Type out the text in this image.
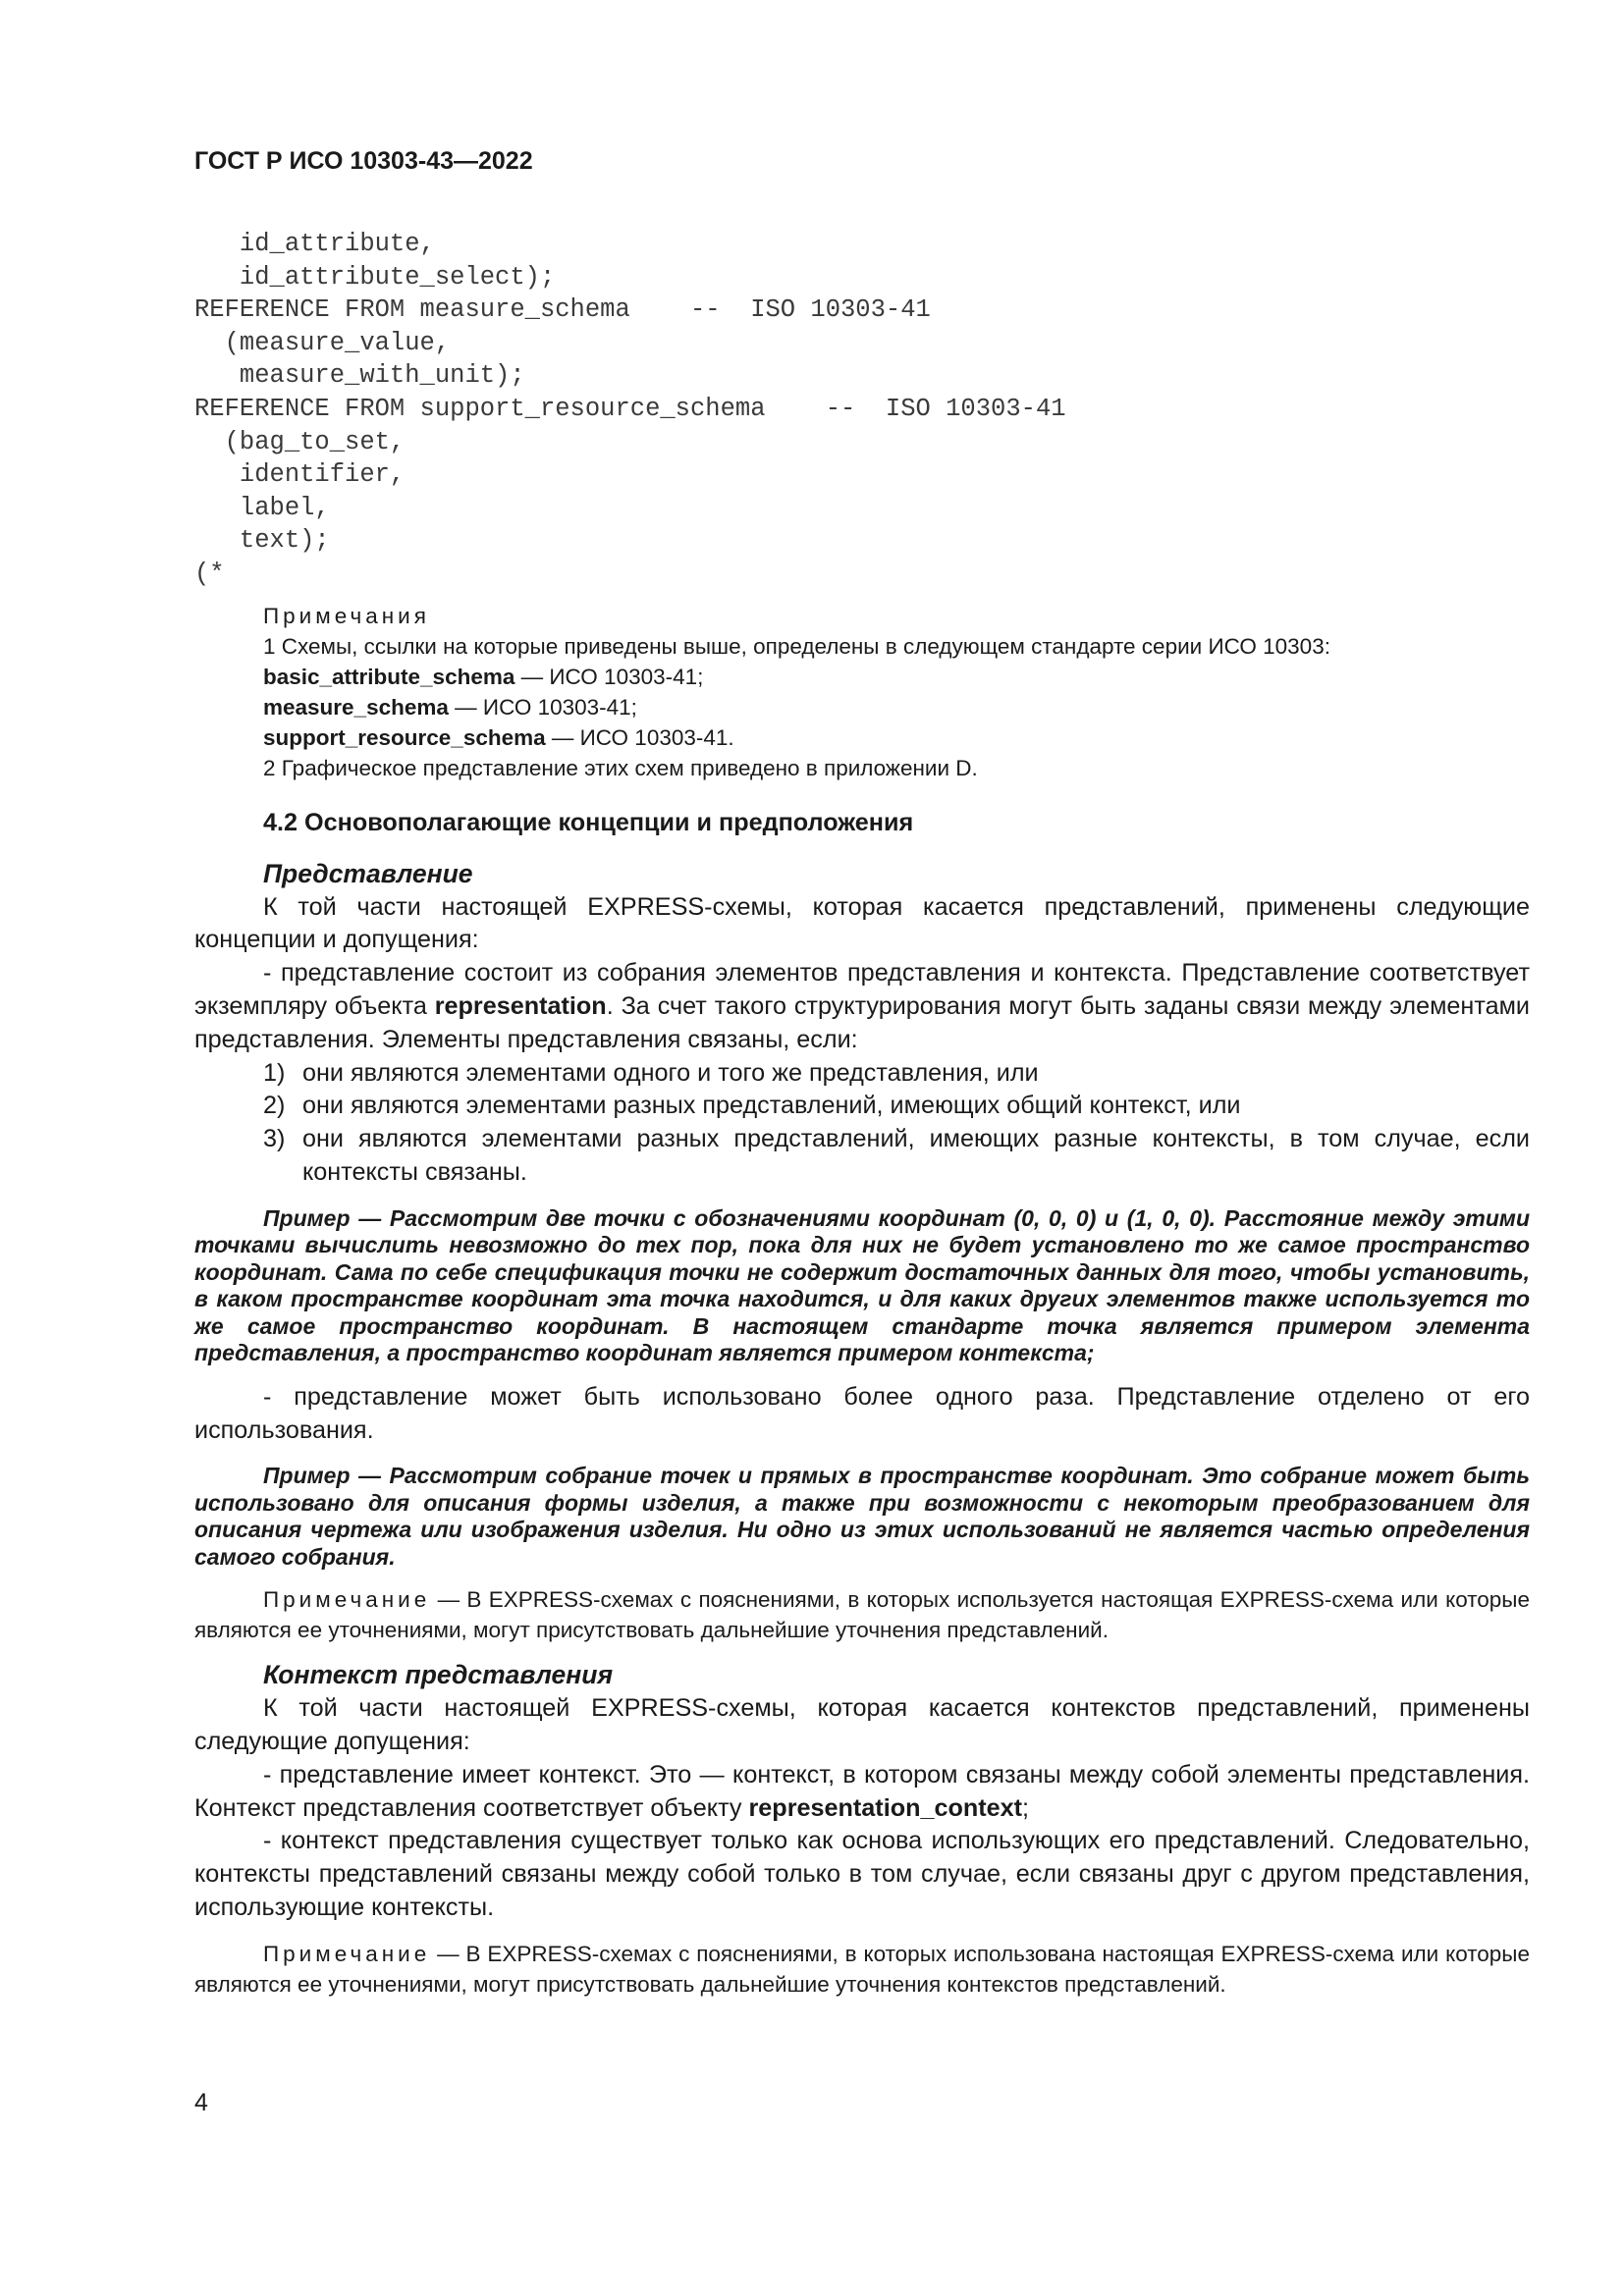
ГОСТ Р ИСО 10303-43—2022
id_attribute,
id_attribute_select);
REFERENCE FROM measure_schema    --  ISO 10303-41
(measure_value,
measure_with_unit);
REFERENCE FROM support_resource_schema    --  ISO 10303-41
(bag_to_set,
identifier,
label,
text);
(*

Примечания

1 Схемы, ссылки на которые приведены выше, определены в следующем стандарте серии ИСО 10303:

basic_attribute_schema — ИСО 10303-41;

measure_schema — ИСО 10303-41;

support_resource_schema — ИСО 10303-41.

2 Графическое представление этих схем приведено в приложении D.

4.2 Основополагающие концепции и предположения

Представление

К той части настоящей EXPRESS-схемы, которая касается представлений, применены следующие концепции и допущения:

- представление состоит из собрания элементов представления и контекста. Представление соответствует экземпляру объекта representation. За счет такого структурирования могут быть заданы связи между элементами представления. Элементы представления связаны, если:

1) они являются элементами одного и того же представления, или
2) они являются элементами разных представлений, имеющих общий контекст, или
3) они являются элементами разных представлений, имеющих разные контексты, в том случае, если контексты связаны.

Пример — Рассмотрим две точки с обозначениями координат (0, 0, 0) и (1, 0, 0). Расстояние между этими точками вычислить невозможно до тех пор, пока для них не будет установлено то же самое пространство координат. Сама по себе спецификация точки не содержит достаточных данных для того, чтобы установить, в каком пространстве координат эта точка находится, и для каких других элементов также используется то же самое пространство координат. В настоящем стандарте точка является примером элемента представления, а пространство координат является примером контекста;

- представление может быть использовано более одного раза. Представление отделено от его использования.

Пример — Рассмотрим собрание точек и прямых в пространстве координат. Это собрание может быть использовано для описания формы изделия, а также при возможности с некоторым преобразованием для описания чертежа или изображения изделия. Ни одно из этих использований не является частью определения самого собрания.

Примечание — В EXPRESS-схемах с пояснениями, в которых используется настоящая EXPRESS-схема или которые являются ее уточнениями, могут присутствовать дальнейшие уточнения представлений.

Контекст представления

К той части настоящей EXPRESS-схемы, которая касается контекстов представлений, применены следующие допущения:

- представление имеет контекст. Это — контекст, в котором связаны между собой элементы представления. Контекст представления соответствует объекту representation_context;

- контекст представления существует только как основа использующих его представлений. Следовательно, контексты представлений связаны между собой только в том случае, если связаны друг с другом представления, использующие контексты.

Примечание — В EXPRESS-схемах с пояснениями, в которых использована настоящая EXPRESS-схема или которые являются ее уточнениями, могут присутствовать дальнейшие уточнения контекстов представлений.

4
